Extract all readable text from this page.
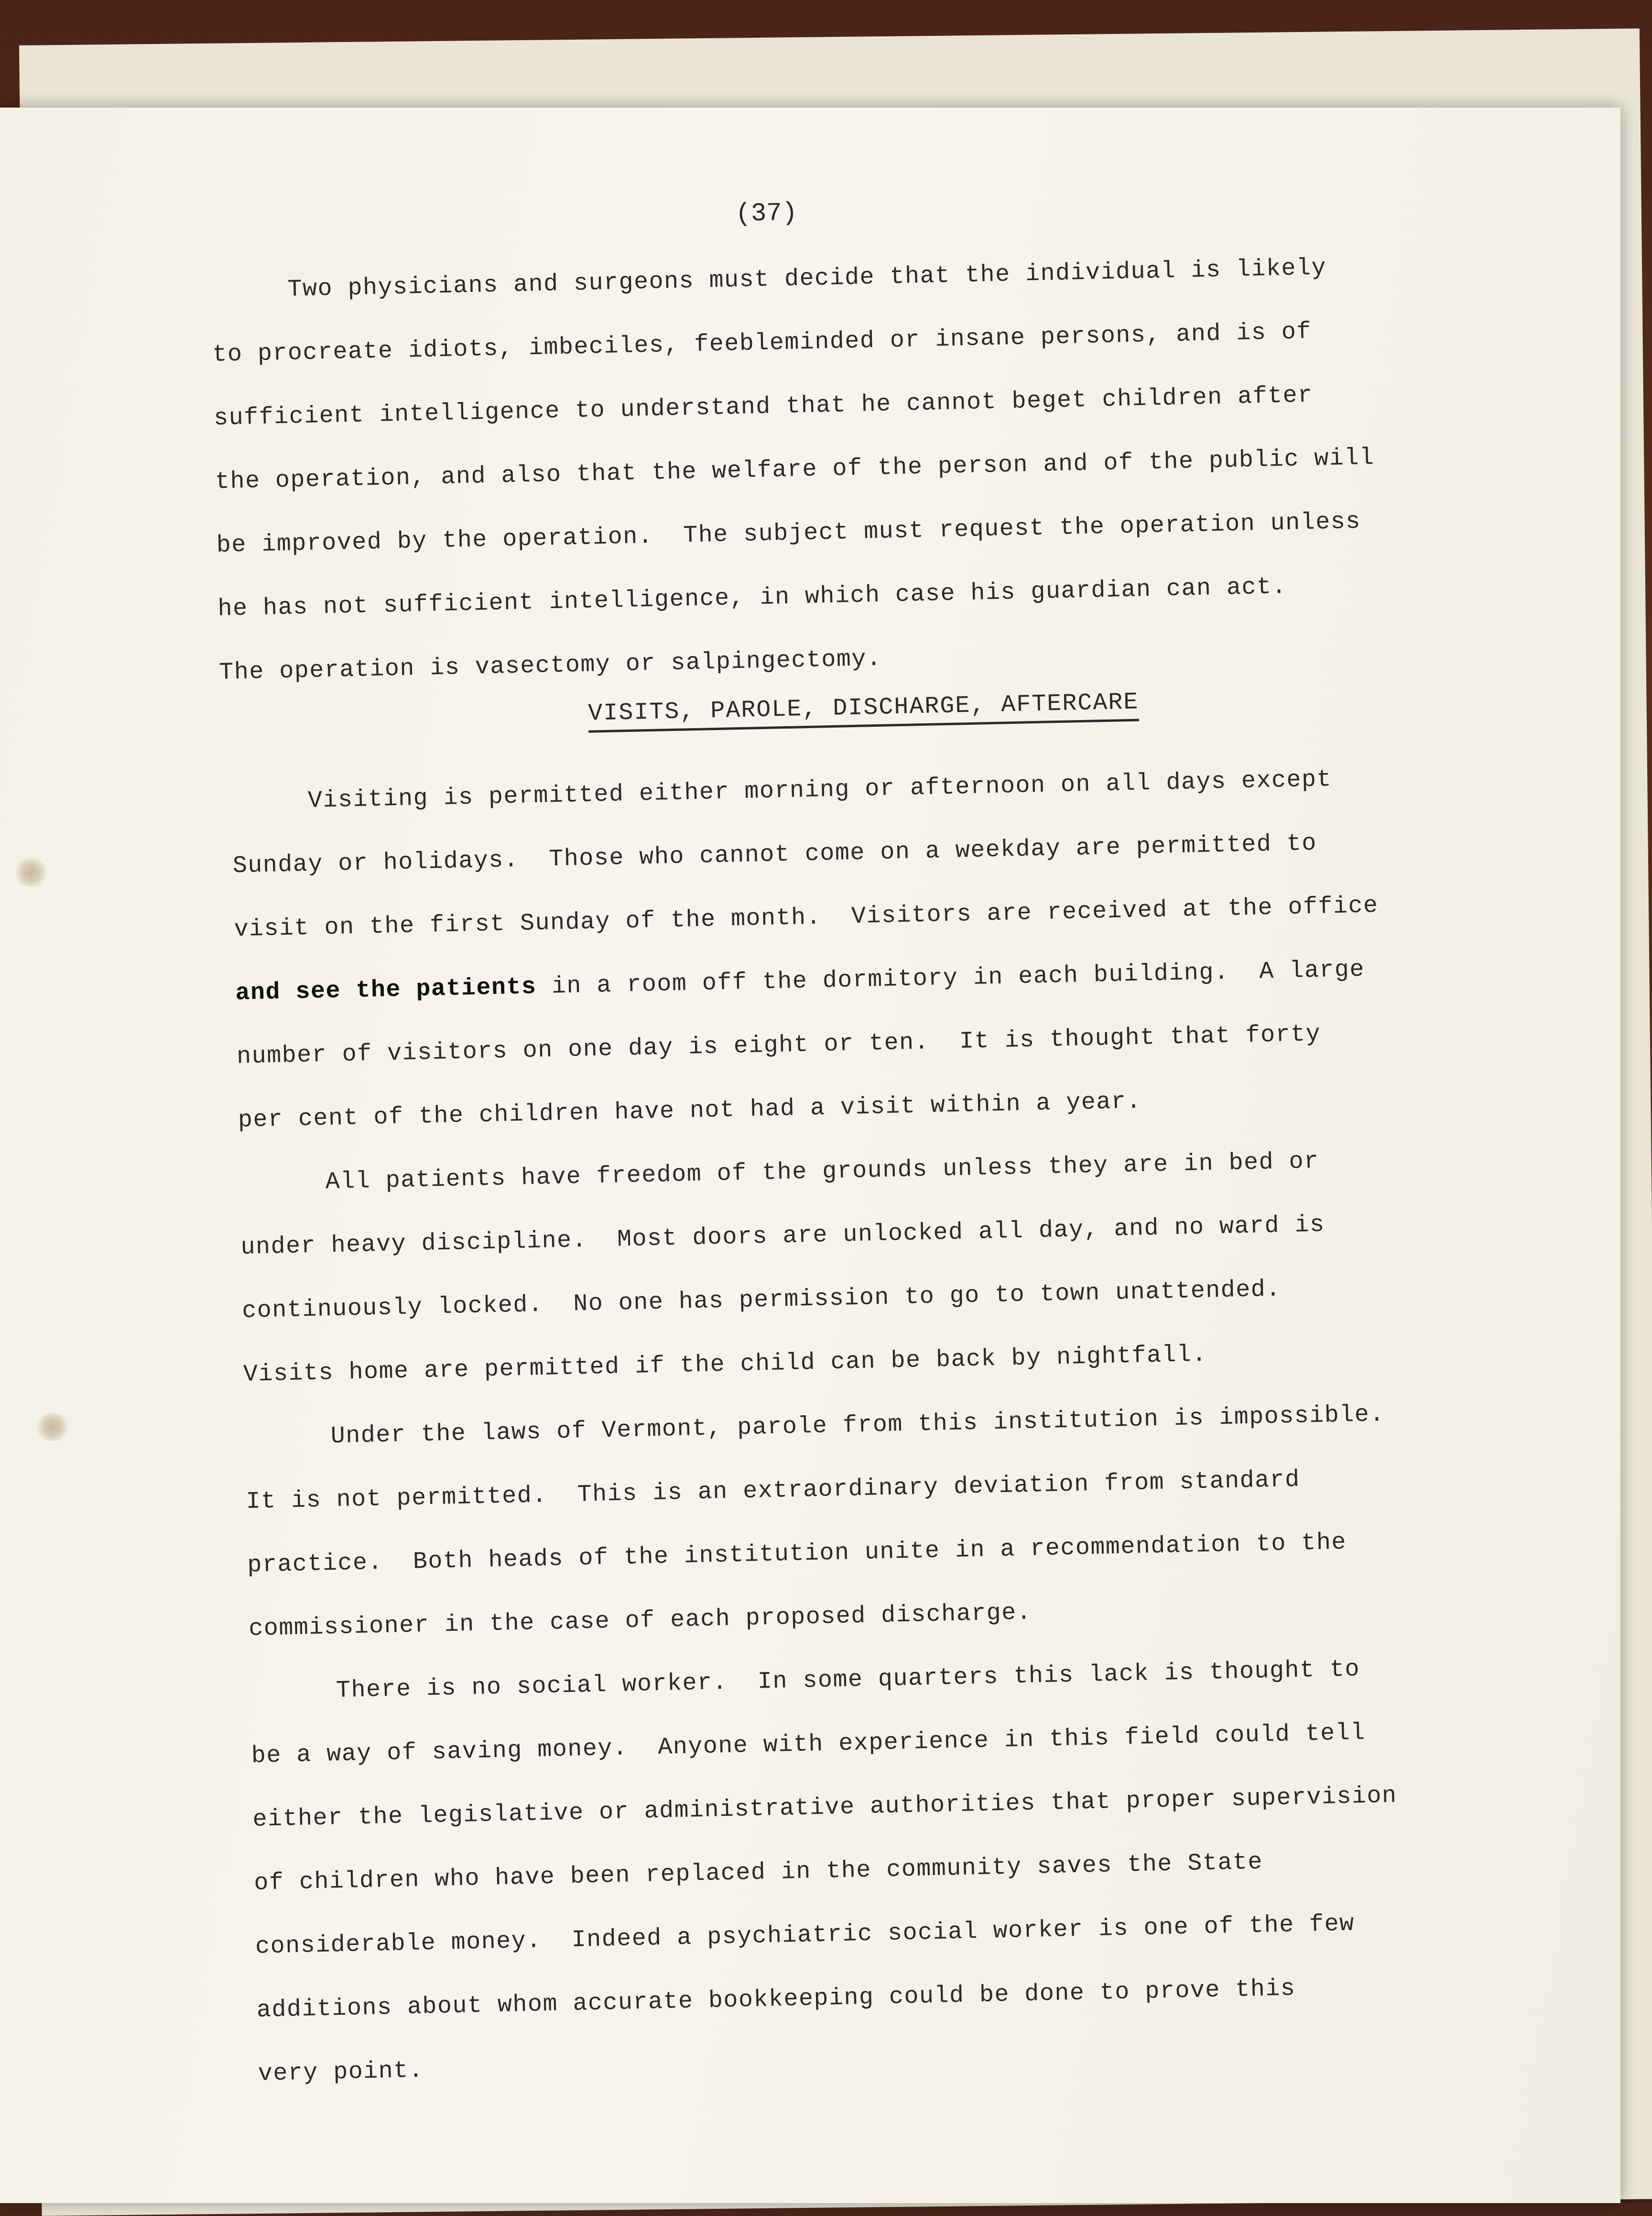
(37)
Two physicians and surgeons must decide that the individual is likely
to procreate idiots, imbeciles, feebleminded or insane persons, and is of
sufficient intelligence to understand that he cannot beget children after
the operation, and also that the welfare of the person and of the public will
be improved by the operation.  The subject must request the operation unless
he has not sufficient intelligence, in which case his guardian can act.
The operation is vasectomy or salpingectomy.
VISITS, PAROLE, DISCHARGE, AFTERCARE
Visiting is permitted either morning or afternoon on all days except
Sunday or holidays.  Those who cannot come on a weekday are permitted to
visit on the first Sunday of the month.  Visitors are received at the office
and see the patients in a room off the dormitory in each building.  A large
number of visitors on one day is eight or ten.  It is thought that forty
per cent of the children have not had a visit within a year.
All patients have freedom of the grounds unless they are in bed or
under heavy discipline.  Most doors are unlocked all day, and no ward is
continuously locked.  No one has permission to go to town unattended.
Visits home are permitted if the child can be back by nightfall.
Under the laws of Vermont, parole from this institution is impossible.
It is not permitted.  This is an extraordinary deviation from standard
practice.  Both heads of the institution unite in a recommendation to the
commissioner in the case of each proposed discharge.
There is no social worker.  In some quarters this lack is thought to
be a way of saving money.  Anyone with experience in this field could tell
either the legislative or administrative authorities that proper supervision
of children who have been replaced in the community saves the State
considerable money.  Indeed a psychiatric social worker is one of the few
additions about whom accurate bookkeeping could be done to prove this
very point.
